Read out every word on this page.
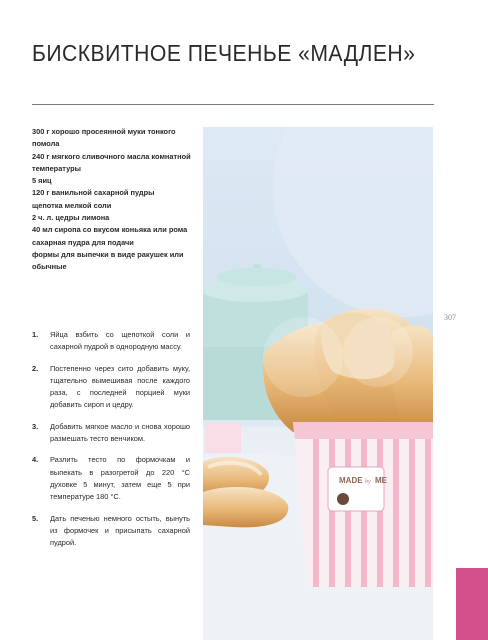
БИСКВИТНОЕ ПЕЧЕНЬЕ «МАДЛЕН»
300 г хорошо просеянной муки тонкого
помола
240 г мягкого сливочного масла комнатной
температуры
5 яиц
120 г ванильной сахарной пудры
щепотка мелкой соли
2 ч. л. цедры лимона
40 мл сиропа со вкусом коньяка или рома
сахарная пудра для подачи
формы для выпечки в виде ракушек или
обычные
MADE by ME
1. Яйца взбить со щепоткой соли и сахарной пудрой в однородную массу.
2. Постепенно через сито добавить муку, тщательно вымешивая после каждого раза, с последней порцией муки добавить сироп и цедру.
3. Добавить мягкое масло и снова хорошо размешать тесто венчиком.
4. Разлить тесто по формочкам и выпекать в разогретой до 220 °С духовке 5 минут, затем еще 5 при температуре 180 °С.
5. Дать печенью немного остыть, вынуть из формочек и присыпать сахарной пудрой.
307
